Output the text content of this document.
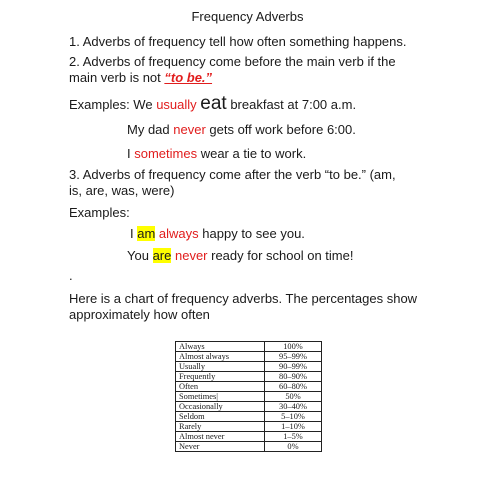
Frequency Adverbs
1. Adverbs of frequency tell how often something happens.
2. Adverbs of frequency come before the main verb if the
main verb is not “to be.”
Examples: We usually eat breakfast at 7:00 a.m.
My dad never gets off work before 6:00.
I sometimes wear a tie to work.
3. Adverbs of frequency come after the verb “to be.” (am,
is, are, was, were)
Examples:
I am always happy to see you.
You are never ready for school on time!
.
Here is a chart of frequency adverbs. The percentages show
approximately how often
Always	100%
Almost always	95–99%
Usually	90–99%
Frequently	80–90%
Often	60–80%
Sometimes|	50%
Occasionally	30–40%
Seldom	5–10%
Rarely	1–10%
Almost never	1–5%
Never	0%
